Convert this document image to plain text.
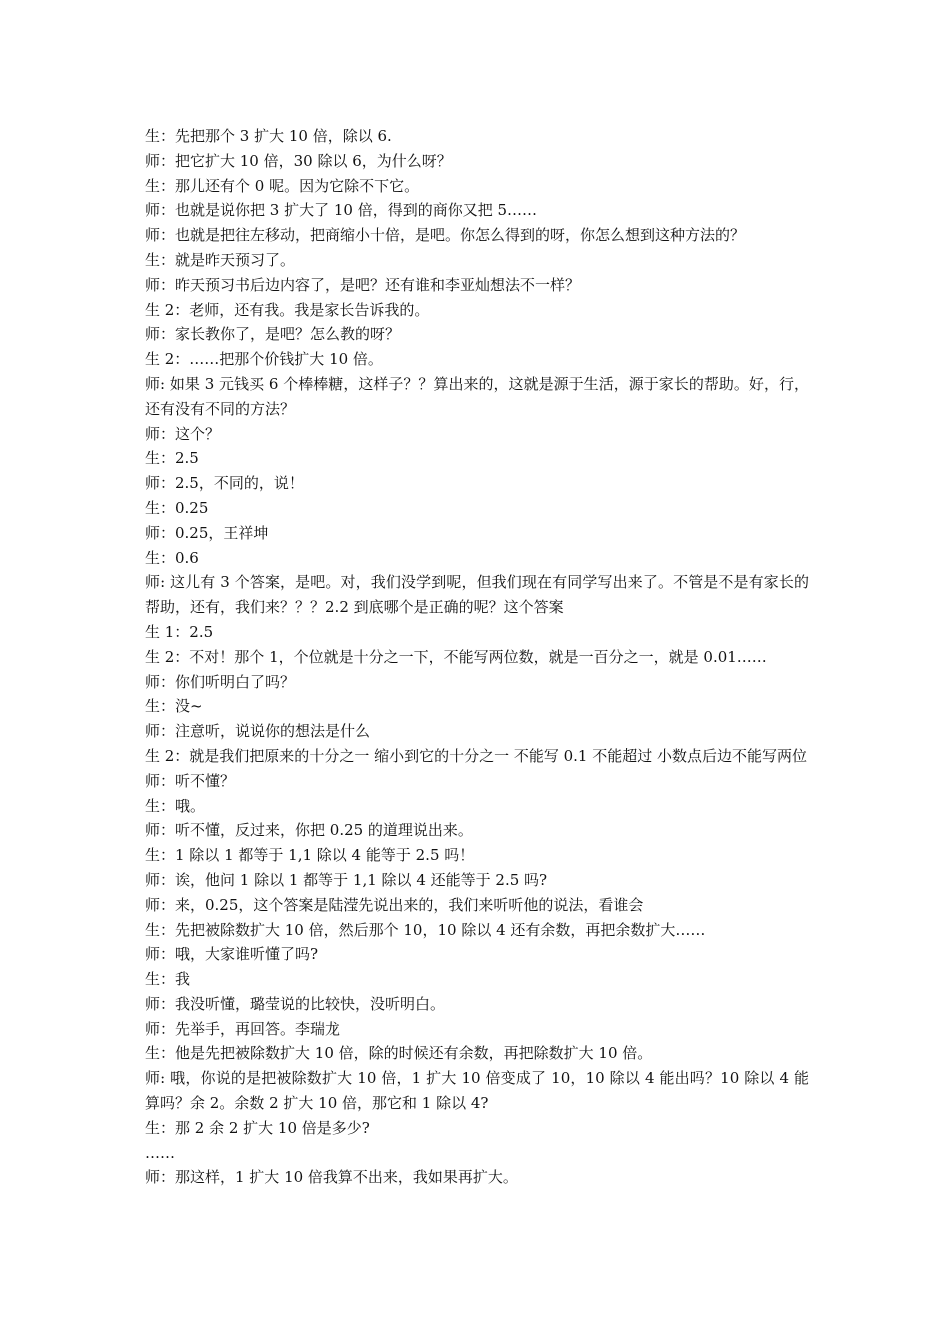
生：先把那个 3 扩大 10 倍，除以 6.

师：把它扩大 10 倍，30 除以 6，为什么呀？

生：那儿还有个 0 呢。因为它除不下它。

师：也就是说你把 3 扩大了 10 倍，得到的商你又把 5……

师：也就是把往左移动，把商缩小十倍，是吧。你怎么得到的呀，你怎么想到这种方法的？

生：就是昨天预习了。

师：昨天预习书后边内容了，是吧？还有谁和李亚灿想法不一样？

生 2：老师，还有我。我是家长告诉我的。

师：家长教你了，是吧？怎么教的呀？

生 2：……把那个价钱扩大 10 倍。

师: 如果 3 元钱买 6 个棒棒糖，这样子？？算出来的，这就是源于生活，源于家长的帮助。好，行，还有没有不同的方法？

师：这个？

生：2.5

师：2.5，不同的，说！

生：0.25

师：0.25，王祥坤

生：0.6

师: 这儿有 3 个答案，是吧。对，我们没学到呢，但我们现在有同学写出来了。不管是不是有家长的帮助，还有，我们来？？？2.2 到底哪个是正确的呢？这个答案

生 1：2.5

生 2：不对！那个 1，个位就是十分之一下，不能写两位数，就是一百分之一，就是 0.01……

师：你们听明白了吗？

生：没~

师：注意听，说说你的想法是什么

生 2：就是我们把原来的十分之一 缩小到它的十分之一 不能写 0.1 不能超过 小数点后边不能写两位

师：听不懂？

生：哦。

师：听不懂，反过来，你把 0.25 的道理说出来。

生：1 除以 1 都等于 1,1 除以 4 能等于 2.5 吗！

师：诶，他问 1 除以 1 都等于 1,1 除以 4 还能等于 2.5 吗?

师：来，0.25，这个答案是陆滢先说出来的，我们来听听他的说法，看谁会

生：先把被除数扩大 10 倍，然后那个 10，10 除以 4 还有余数，再把余数扩大……

师：哦，大家谁听懂了吗?

生：我

师：我没听懂，璐莹说的比较快，没听明白。

师：先举手，再回答。李瑞龙

生：他是先把被除数扩大 10 倍，除的时候还有余数，再把除数扩大 10 倍。

师: 哦，你说的是把被除数扩大 10 倍，1 扩大 10 倍变成了 10，10 除以 4 能出吗？10 除以 4 能算吗？余 2。余数 2 扩大 10 倍，那它和 1 除以 4?

生：那 2 余 2 扩大 10 倍是多少?

……

师：那这样，1 扩大 10 倍我算不出来，我如果再扩大。
